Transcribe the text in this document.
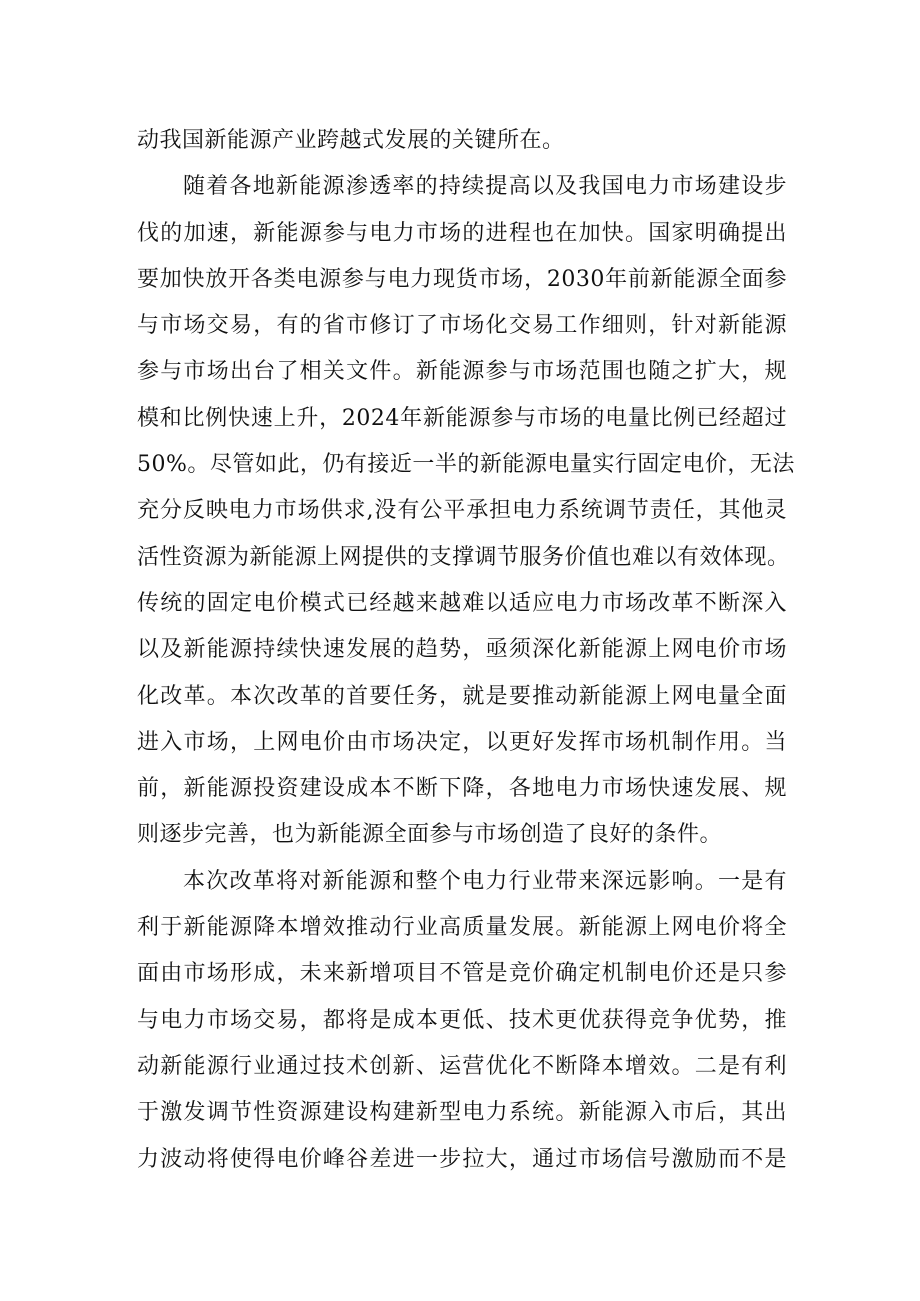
动我国新能源产业跨越式发展的关键所在。
随着各地新能源渗透率的持续提高以及我国电力市场建设步
伐的加速，新能源参与电力市场的进程也在加快。国家明确提出
要加快放开各类电源参与电力现货市场，2030年前新能源全面参
与市场交易，有的省市修订了市场化交易工作细则，针对新能源
参与市场出台了相关文件。新能源参与市场范围也随之扩大，规
模和比例快速上升，2024年新能源参与市场的电量比例已经超过
50%。尽管如此，仍有接近一半的新能源电量实行固定电价，无法
充分反映电力市场供求,没有公平承担电力系统调节责任，其他灵
活性资源为新能源上网提供的支撑调节服务价值也难以有效体现。
传统的固定电价模式已经越来越难以适应电力市场改革不断深入
以及新能源持续快速发展的趋势，亟须深化新能源上网电价市场
化改革。本次改革的首要任务，就是要推动新能源上网电量全面
进入市场，上网电价由市场决定，以更好发挥市场机制作用。当
前，新能源投资建设成本不断下降，各地电力市场快速发展、规
则逐步完善，也为新能源全面参与市场创造了良好的条件。
本次改革将对新能源和整个电力行业带来深远影响。一是有
利于新能源降本增效推动行业高质量发展。新能源上网电价将全
面由市场形成，未来新增项目不管是竞价确定机制电价还是只参
与电力市场交易，都将是成本更低、技术更优获得竞争优势，推
动新能源行业通过技术创新、运营优化不断降本增效。二是有利
于激发调节性资源建设构建新型电力系统。新能源入市后，其出
力波动将使得电价峰谷差进一步拉大，通过市场信号激励而不是
